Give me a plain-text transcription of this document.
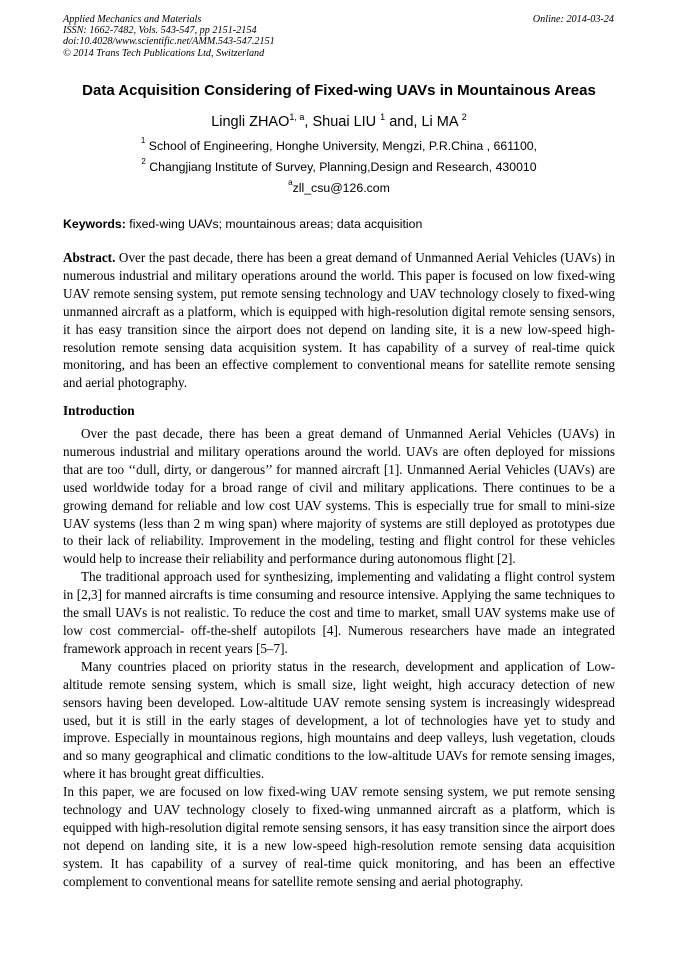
Applied Mechanics and Materials
ISSN: 1662-7482, Vols. 543-547, pp 2151-2154
doi:10.4028/www.scientific.net/AMM.543-547.2151
© 2014 Trans Tech Publications Ltd, Switzerland
Online: 2014-03-24
Data Acquisition Considering of Fixed-wing UAVs in Mountainous Areas
Lingli ZHAO$^{1, a}$, Shuai LIU $^1$ and, Li MA $^2$
$^1$ School of Engineering, Honghe University, Mengzi, P.R.China , 661100,
$^2$ Changjiang Institute of Survey, Planning,Design and Research, 430010
$^a$zll_csu@126.com
Keywords: fixed-wing UAVs; mountainous areas; data acquisition
Abstract. Over the past decade, there has been a great demand of Unmanned Aerial Vehicles (UAVs) in numerous industrial and military operations around the world. This paper is focused on low fixed-wing UAV remote sensing system, put remote sensing technology and UAV technology closely to fixed-wing unmanned aircraft as a platform, which is equipped with high-resolution digital remote sensing sensors, it has easy transition since the airport does not depend on landing site, it is a new low-speed high-resolution remote sensing data acquisition system. It has capability of a survey of real-time quick monitoring, and has been an effective complement to conventional means for satellite remote sensing and aerial photography.
Introduction

Over the past decade, there has been a great demand of Unmanned Aerial Vehicles (UAVs) in numerous industrial and military operations around the world. UAVs are often deployed for missions that are too ‘‘dull, dirty, or dangerous’’ for manned aircraft [1]. Unmanned Aerial Vehicles (UAVs) are used worldwide today for a broad range of civil and military applications. There continues to be a growing demand for reliable and low cost UAV systems. This is especially true for small to mini-size UAV systems (less than 2 m wing span) where majority of systems are still deployed as prototypes due to their lack of reliability. Improvement in the modeling, testing and flight control for these vehicles would help to increase their reliability and performance during autonomous flight [2].

The traditional approach used for synthesizing, implementing and validating a flight control system in [2,3] for manned aircrafts is time consuming and resource intensive. Applying the same techniques to the small UAVs is not realistic. To reduce the cost and time to market, small UAV systems make use of low cost commercial- off-the-shelf autopilots [4]. Numerous researchers have made an integrated framework approach in recent years [5–7].

Many countries placed on priority status in the research, development and application of Low-altitude remote sensing system, which is small size, light weight, high accuracy detection of new sensors having been developed. Low-altitude UAV remote sensing system is increasingly widespread used, but it is still in the early stages of development, a lot of technologies have yet to study and improve. Especially in mountainous regions, high mountains and deep valleys, lush vegetation, clouds and so many geographical and climatic conditions to the low-altitude UAVs for remote sensing images, where it has brought great difficulties.

In this paper, we are focused on low fixed-wing UAV remote sensing system, we put remote sensing technology and UAV technology closely to fixed-wing unmanned aircraft as a platform, which is equipped with high-resolution digital remote sensing sensors, it has easy transition since the airport does not depend on landing site, it is a new low-speed high-resolution remote sensing data acquisition system. It has capability of a survey of real-time quick monitoring, and has been an effective complement to conventional means for satellite remote sensing and aerial photography.
